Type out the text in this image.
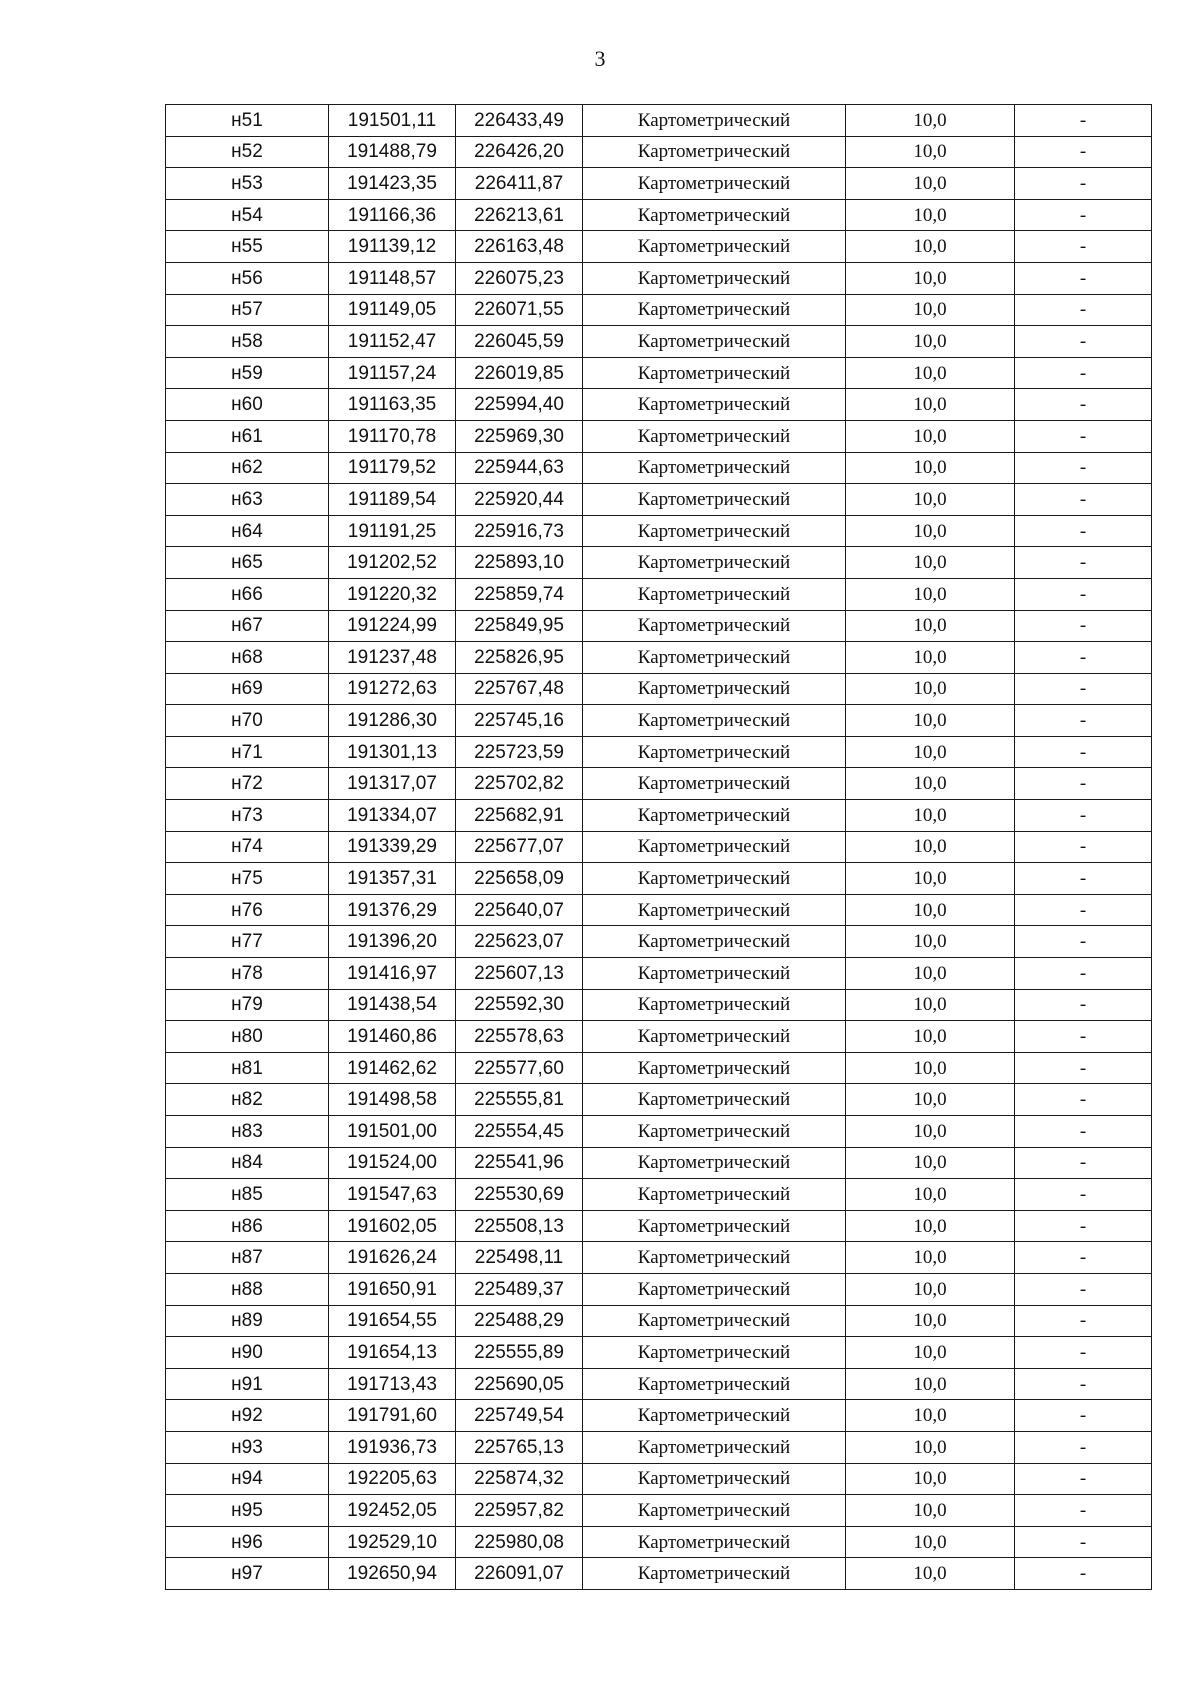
3
н51	191501,11	226433,49	Картометрический	10,0	-
н52	191488,79	226426,20	Картометрический	10,0	-
н53	191423,35	226411,87	Картометрический	10,0	-
н54	191166,36	226213,61	Картометрический	10,0	-
н55	191139,12	226163,48	Картометрический	10,0	-
н56	191148,57	226075,23	Картометрический	10,0	-
н57	191149,05	226071,55	Картометрический	10,0	-
н58	191152,47	226045,59	Картометрический	10,0	-
н59	191157,24	226019,85	Картометрический	10,0	-
н60	191163,35	225994,40	Картометрический	10,0	-
н61	191170,78	225969,30	Картометрический	10,0	-
н62	191179,52	225944,63	Картометрический	10,0	-
н63	191189,54	225920,44	Картометрический	10,0	-
н64	191191,25	225916,73	Картометрический	10,0	-
н65	191202,52	225893,10	Картометрический	10,0	-
н66	191220,32	225859,74	Картометрический	10,0	-
н67	191224,99	225849,95	Картометрический	10,0	-
н68	191237,48	225826,95	Картометрический	10,0	-
н69	191272,63	225767,48	Картометрический	10,0	-
н70	191286,30	225745,16	Картометрический	10,0	-
н71	191301,13	225723,59	Картометрический	10,0	-
н72	191317,07	225702,82	Картометрический	10,0	-
н73	191334,07	225682,91	Картометрический	10,0	-
н74	191339,29	225677,07	Картометрический	10,0	-
н75	191357,31	225658,09	Картометрический	10,0	-
н76	191376,29	225640,07	Картометрический	10,0	-
н77	191396,20	225623,07	Картометрический	10,0	-
н78	191416,97	225607,13	Картометрический	10,0	-
н79	191438,54	225592,30	Картометрический	10,0	-
н80	191460,86	225578,63	Картометрический	10,0	-
н81	191462,62	225577,60	Картометрический	10,0	-
н82	191498,58	225555,81	Картометрический	10,0	-
н83	191501,00	225554,45	Картометрический	10,0	-
н84	191524,00	225541,96	Картометрический	10,0	-
н85	191547,63	225530,69	Картометрический	10,0	-
н86	191602,05	225508,13	Картометрический	10,0	-
н87	191626,24	225498,11	Картометрический	10,0	-
н88	191650,91	225489,37	Картометрический	10,0	-
н89	191654,55	225488,29	Картометрический	10,0	-
н90	191654,13	225555,89	Картометрический	10,0	-
н91	191713,43	225690,05	Картометрический	10,0	-
н92	191791,60	225749,54	Картометрический	10,0	-
н93	191936,73	225765,13	Картометрический	10,0	-
н94	192205,63	225874,32	Картометрический	10,0	-
н95	192452,05	225957,82	Картометрический	10,0	-
н96	192529,10	225980,08	Картометрический	10,0	-
н97	192650,94	226091,07	Картометрический	10,0	-
